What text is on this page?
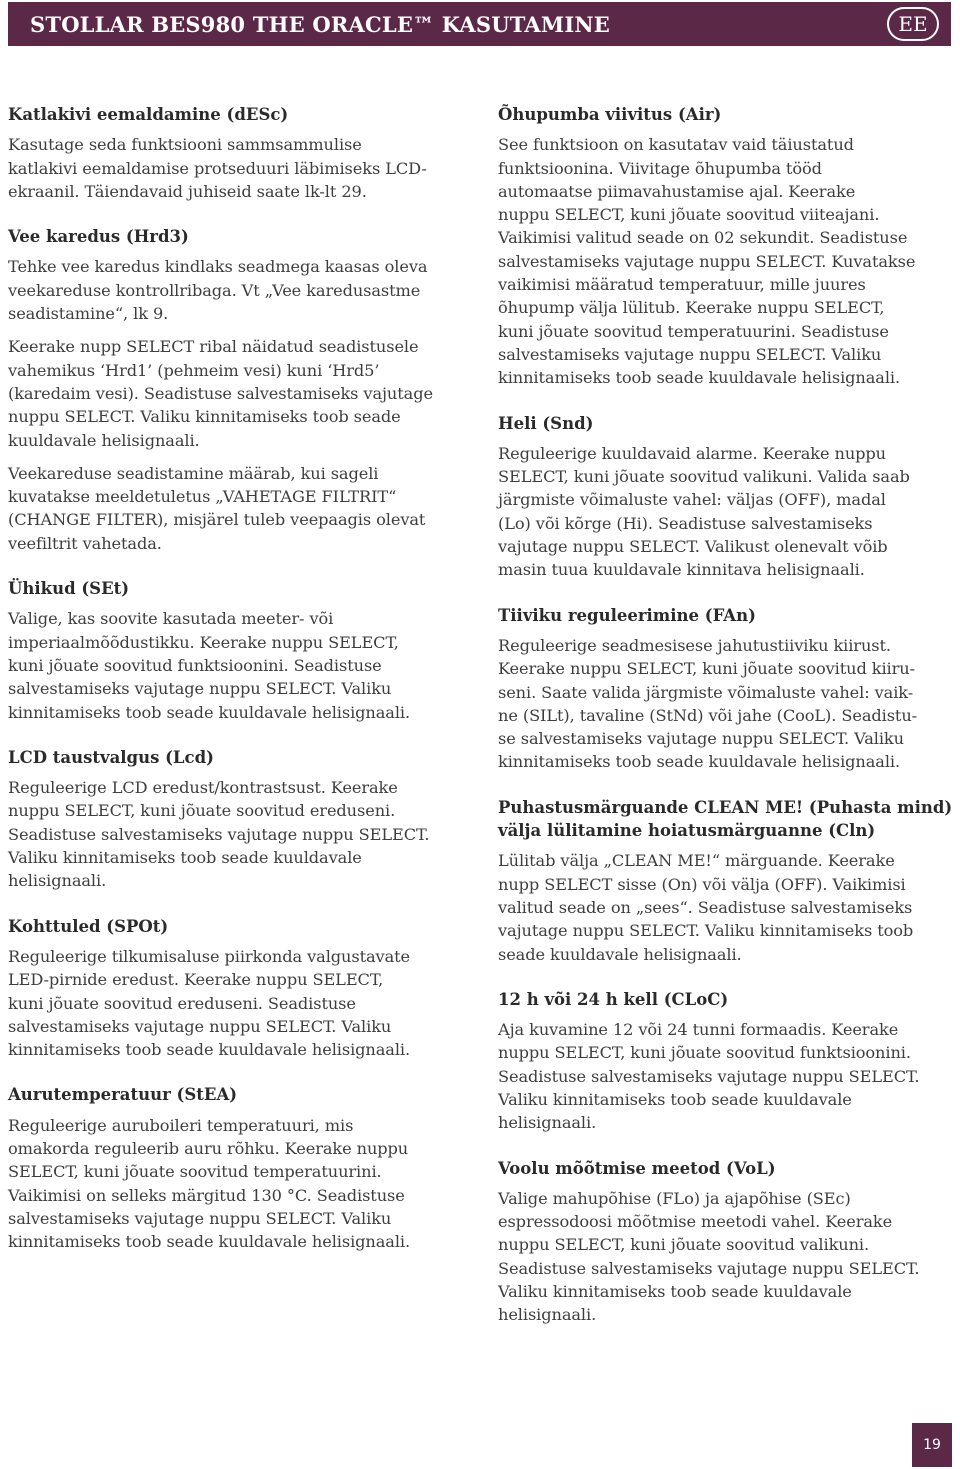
STOLLAR BES980 THE ORACLE™ KASUTAMINE	EE
Katlakivi eemaldamine (dESc)

Kasutage seda funktsiooni sammsammulise
katlakivi eemaldamise protseduuri läbimiseks LCD-
ekraanil. Täiendavaid juhiseid saate lk-lt 29.

Vee karedus (Hrd3)

Tehke vee karedus kindlaks seadmega kaasas oleva
veekareduse kontrollribaga. Vt „Vee karedusastme
seadistamine“, lk 9.

Keerake nupp SELECT ribal näidatud seadistusele
vahemikus ‘Hrd1’ (pehmeim vesi) kuni ‘Hrd5’
(karedaim vesi). Seadistuse salvestamiseks vajutage
nuppu SELECT. Valiku kinnitamiseks toob seade
kuuldavale helisignaali.

Veekareduse seadistamine määrab, kui sageli
kuvatakse meeldetuletus „VAHETAGE FILTRIT“
(CHANGE FILTER), misjärel tuleb veepaagis olevat
veefiltrit vahetada.

Ühikud (SEt)

Valige, kas soovite kasutada meeter- või
imperiaalmõõdustikku. Keerake nuppu SELECT,
kuni jõuate soovitud funktsioonini. Seadistuse
salvestamiseks vajutage nuppu SELECT. Valiku
kinnitamiseks toob seade kuuldavale helisignaali.

LCD taustvalgus (Lcd)

Reguleerige LCD eredust/kontrastsust. Keerake
nuppu SELECT, kuni jõuate soovitud ereduseni.
Seadistuse salvestamiseks vajutage nuppu SELECT.
Valiku kinnitamiseks toob seade kuuldavale
helisignaali.

Kohttuled (SPOt)

Reguleerige tilkumisaluse piirkonda valgustavate
LED-pirnide eredust. Keerake nuppu SELECT,
kuni jõuate soovitud ereduseni. Seadistuse
salvestamiseks vajutage nuppu SELECT. Valiku
kinnitamiseks toob seade kuuldavale helisignaali.

Aurutemperatuur (StEA)

Reguleerige auruboileri temperatuuri, mis
omakorda reguleerib auru rõhku. Keerake nuppu
SELECT, kuni jõuate soovitud temperatuurini.
Vaikimisi on selleks märgitud 130 °C. Seadistuse
salvestamiseks vajutage nuppu SELECT. Valiku
kinnitamiseks toob seade kuuldavale helisignaali.

Õhupumba viivitus (Air)

See funktsioon on kasutatav vaid täiustatud
funktsioonina. Viivitage õhupumba tööd
automaatse piimavahustamise ajal. Keerake
nuppu SELECT, kuni jõuate soovitud viiteajani.
Vaikimisi valitud seade on 02 sekundit. Seadistuse
salvestamiseks vajutage nuppu SELECT. Kuvatakse
vaikimisi määratud temperatuur, mille juures
õhupump välja lülitub. Keerake nuppu SELECT,
kuni jõuate soovitud temperatuurini. Seadistuse
salvestamiseks vajutage nuppu SELECT. Valiku
kinnitamiseks toob seade kuuldavale helisignaali.

Heli (Snd)

Reguleerige kuuldavaid alarme. Keerake nuppu
SELECT, kuni jõuate soovitud valikuni. Valida saab
järgmiste võimaluste vahel: väljas (OFF), madal
(Lo) või kõrge (Hi). Seadistuse salvestamiseks
vajutage nuppu SELECT. Valikust olenevalt võib
masin tuua kuuldavale kinnitava helisignaali.

Tiiviku reguleerimine (FAn)

Reguleerige seadmesisese jahutustiiviku kiirust.
Keerake nuppu SELECT, kuni jõuate soovitud kiiru-
seni. Saate valida järgmiste võimaluste vahel: vaik-
ne (SILt), tavaline (StNd) või jahe (CooL). Seadistu-
se salvestamiseks vajutage nuppu SELECT. Valiku
kinnitamiseks toob seade kuuldavale helisignaali.

Puhastusmärguande CLEAN ME! (Puhasta mind)
välja lülitamine hoiatusmärguanne (Cln)

Lülitab välja „CLEAN ME!“ märguande. Keerake
nupp SELECT sisse (On) või välja (OFF). Vaikimisi
valitud seade on „sees“. Seadistuse salvestamiseks
vajutage nuppu SELECT. Valiku kinnitamiseks toob
seade kuuldavale helisignaali.

12 h või 24 h kell (CLoC)

Aja kuvamine 12 või 24 tunni formaadis. Keerake
nuppu SELECT, kuni jõuate soovitud funktsioonini.
Seadistuse salvestamiseks vajutage nuppu SELECT.
Valiku kinnitamiseks toob seade kuuldavale
helisignaali.

Voolu mõõtmise meetod (VoL)

Valige mahupõhise (FLo) ja ajapõhise (SEc)
espressodoosi mõõtmise meetodi vahel. Keerake
nuppu SELECT, kuni jõuate soovitud valikuni.
Seadistuse salvestamiseks vajutage nuppu SELECT.
Valiku kinnitamiseks toob seade kuuldavale
helisignaali.

19
